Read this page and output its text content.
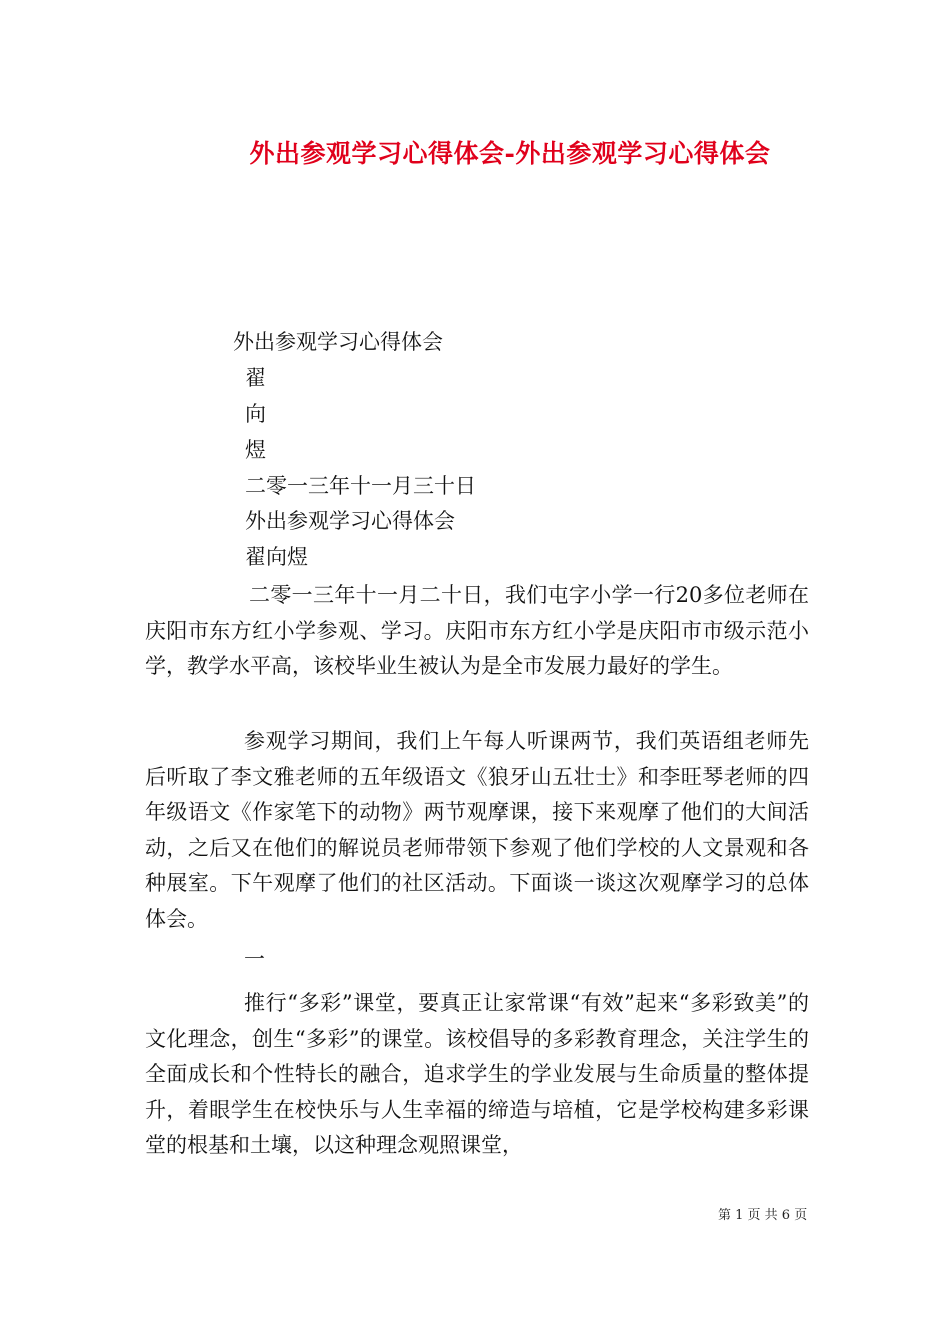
外出参观学习心得体会-外出参观学习心得体会
外出参观学习心得体会
翟
向
煜
二零一三年十一月三十日
外出参观学习心得体会
翟向煜

二零一三年十一月二十日，我们屯字小学一行20多位老师在庆阳市东方红小学参观、学习。庆阳市东方红小学是庆阳市市级示范小学，教学水平高，该校毕业生被认为是全市发展力最好的学生。

参观学习期间，我们上午每人听课两节，我们英语组老师先后听取了李文雅老师的五年级语文《狼牙山五壮士》和李旺琴老师的四年级语文《作家笔下的动物》两节观摩课，接下来观摩了他们的大间活动，之后又在他们的解说员老师带领下参观了他们学校的人文景观和各种展室。下午观摩了他们的社区活动。下面谈一谈这次观摩学习的总体体会。

一

推行“多彩”课堂，要真正让家常课“有效”起来“多彩致美”的文化理念，创生“多彩”的课堂。该校倡导的多彩教育理念，关注学生的全面成长和个性特长的融合，追求学生的学业发展与生命质量的整体提升，着眼学生在校快乐与人生幸福的缔造与培植，它是学校构建多彩课堂的根基和土壤，以这种理念观照课堂，

第 1 页 共 6 页
